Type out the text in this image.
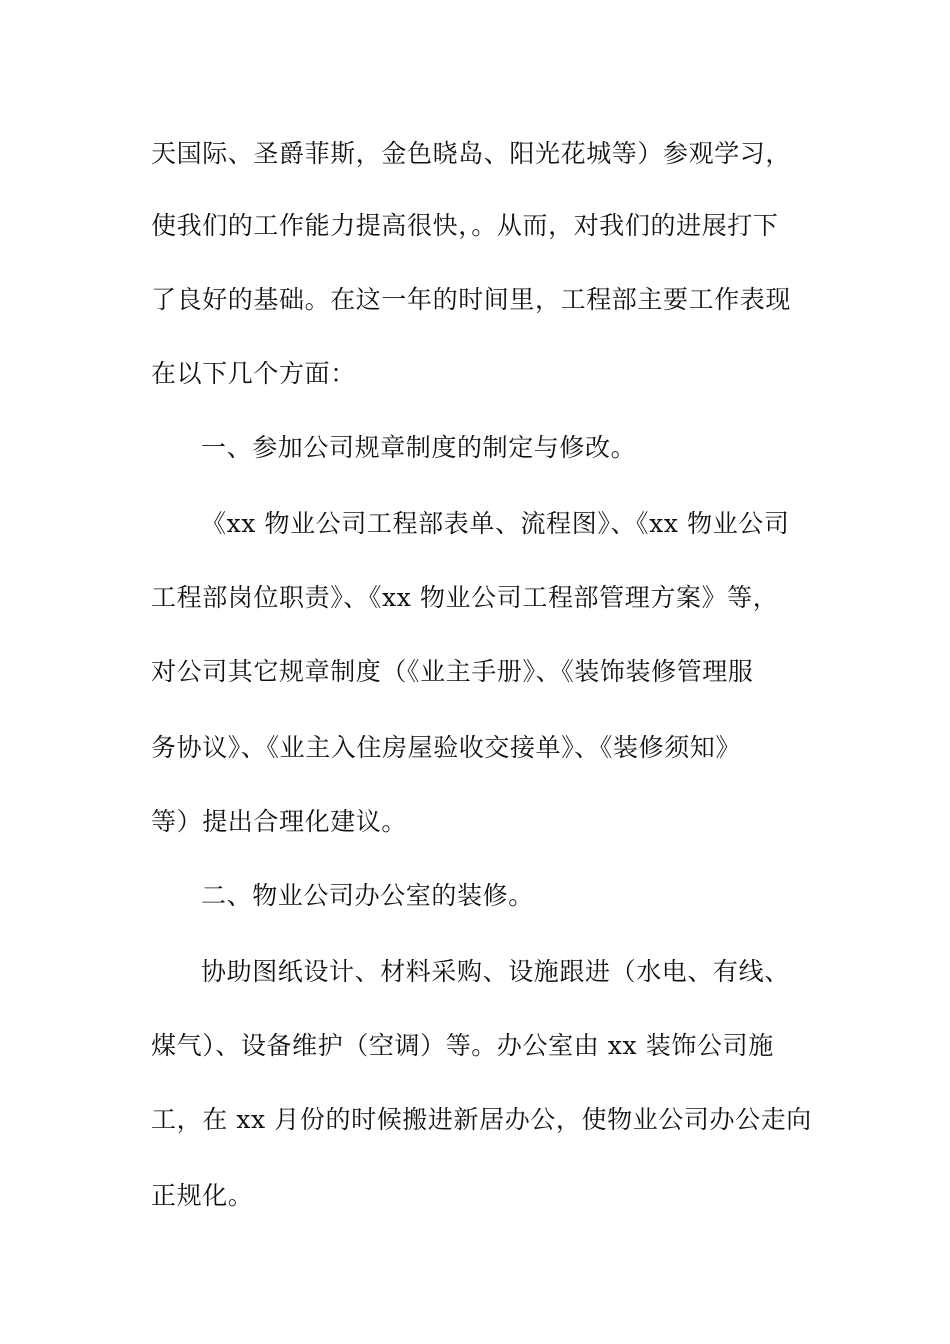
天国际、圣爵菲斯，金色晓岛、阳光花城等）参观学习，

使我们的工作能力提高很快，。从而，对我们的进展打下

了良好的基础。在这一年的时间里，工程部主要工作表现

在以下几个方面：

一、参加公司规章制度的制定与修改。

《xx 物业公司工程部表单、流程图》、《xx 物业公司

工程部岗位职责》、《xx 物业公司工程部管理方案》等，

对公司其它规章制度（《业主手册》、《装饰装修管理服

务协议》、《业主入住房屋验收交接单》、《装修须知》

等）提出合理化建议。

二、物业公司办公室的装修。

协助图纸设计、材料采购、设施跟进（水电、有线、

煤气）、设备维护（空调）等。办公室由 xx 装饰公司施

工，在 xx 月份的时候搬进新居办公，使物业公司办公走向

正规化。
